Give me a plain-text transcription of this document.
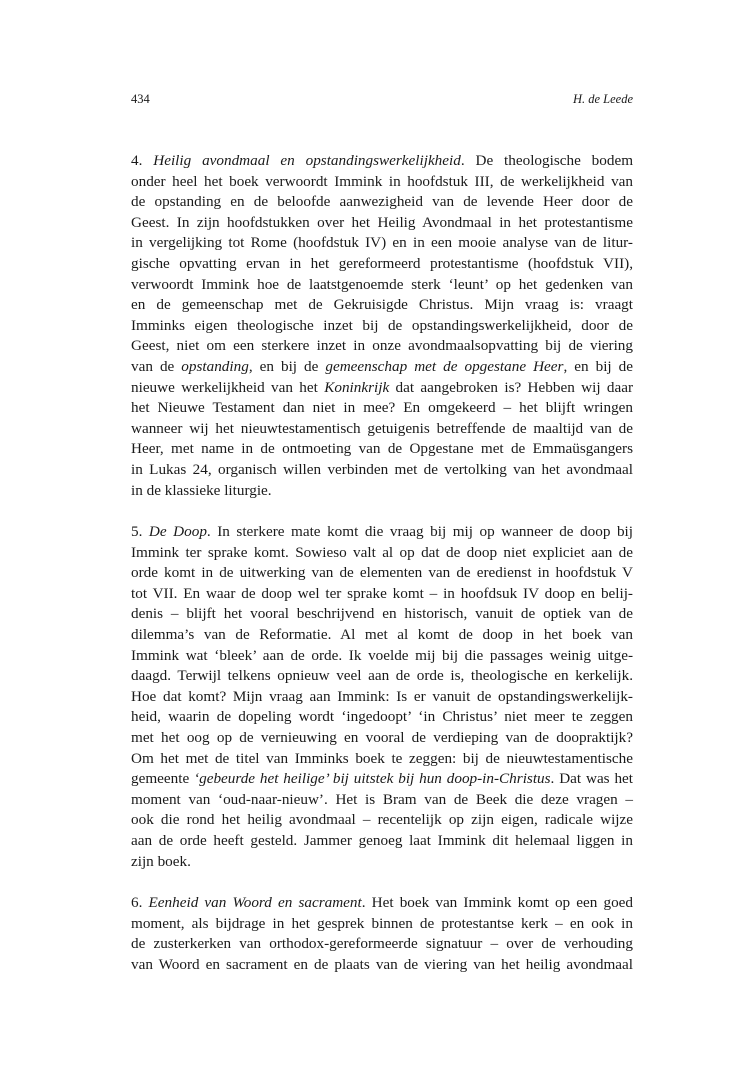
434	H. de Leede
4. Heilig avondmaal en opstandingswerkelijkheid. De theologische bodem
onder heel het boek verwoordt Immink in hoofdstuk III, de werkelijkheid van
de opstanding en de beloofde aanwezigheid van de levende Heer door de
Geest. In zijn hoofdstukken over het Heilig Avondmaal in het protestantisme
in vergelijking tot Rome (hoofdstuk IV) en in een mooie analyse van de litur-
gische opvatting ervan in het gereformeerd protestantisme (hoofdstuk VII),
verwoordt Immink hoe de laatstgenoemde sterk ‘leunt’ op het gedenken van
en de gemeenschap met de Gekruisigde Christus. Mijn vraag is: vraagt
Imminks eigen theologische inzet bij de opstandingswerkelijkheid, door de
Geest, niet om een sterkere inzet in onze avondmaalsopvatting bij de viering
van de opstanding, en bij de gemeenschap met de opgestane Heer, en bij de
nieuwe werkelijkheid van het Koninkrijk dat aangebroken is? Hebben wij daar
het Nieuwe Testament dan niet in mee? En omgekeerd – het blijft wringen
wanneer wij het nieuwtestamentisch getuigenis betreffende de maaltijd van de
Heer, met name in de ontmoeting van de Opgestane met de Emmaüsgangers
in Lukas 24, organisch willen verbinden met de vertolking van het avondmaal
in de klassieke liturgie.
5. De Doop. In sterkere mate komt die vraag bij mij op wanneer de doop bij
Immink ter sprake komt. Sowieso valt al op dat de doop niet expliciet aan de
orde komt in de uitwerking van de elementen van de eredienst in hoofdstuk V
tot VII. En waar de doop wel ter sprake komt – in hoofdsuk IV doop en belij-
denis – blijft het vooral beschrijvend en historisch, vanuit de optiek van de
dilemma’s van de Reformatie. Al met al komt de doop in het boek van
Immink wat ‘bleek’ aan de orde. Ik voelde mij bij die passages weinig uitge-
daagd. Terwijl telkens opnieuw veel aan de orde is, theologische en kerkelijk.
Hoe dat komt? Mijn vraag aan Immink: Is er vanuit de opstandingswerkelijk-
heid, waarin de dopeling wordt ‘ingedoopt’ ‘in Christus’ niet meer te zeggen
met het oog op de vernieuwing en vooral de verdieping van de doopraktijk?
Om het met de titel van Imminks boek te zeggen: bij de nieuwtestamentische
gemeente ‘gebeurde het heilige’ bij uitstek bij hun doop-in-Christus. Dat was het
moment van ‘oud-naar-nieuw’. Het is Bram van de Beek die deze vragen –
ook die rond het heilig avondmaal – recentelijk op zijn eigen, radicale wijze
aan de orde heeft gesteld. Jammer genoeg laat Immink dit helemaal liggen in
zijn boek.
6. Eenheid van Woord en sacrament. Het boek van Immink komt op een goed
moment, als bijdrage in het gesprek binnen de protestantse kerk – en ook in
de zusterkerken van orthodox-gereformeerde signatuur – over de verhouding
van Woord en sacrament en de plaats van de viering van het heilig avondmaal
